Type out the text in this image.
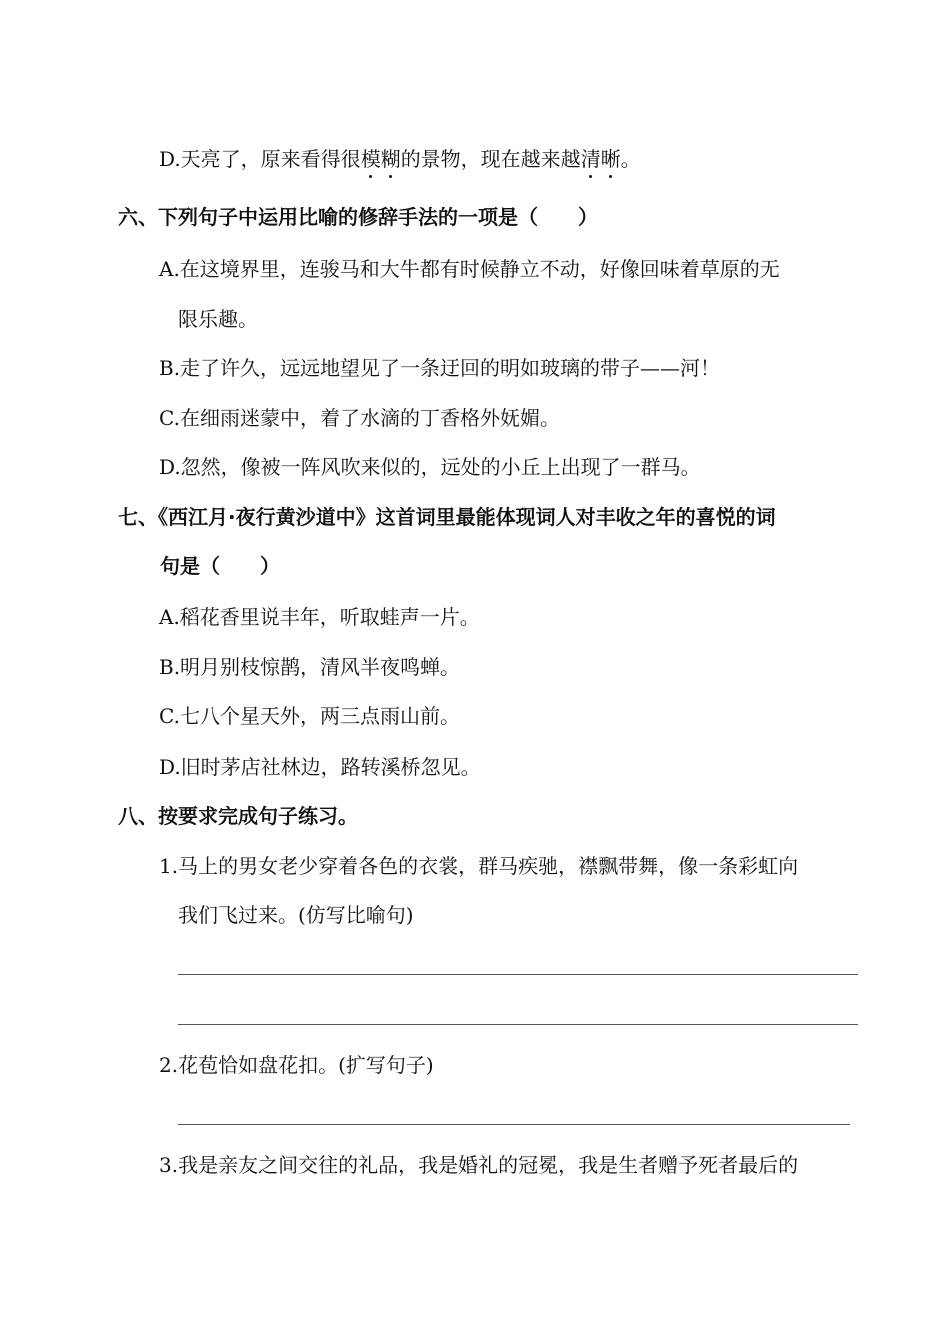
D.天亮了，原来看得很模糊的景物，现在越来越清晰。
六、下列句子中运用比喻的修辞手法的一项是（　　）
A.在这境界里，连骏马和大牛都有时候静立不动，好像回味着草原的无
限乐趣。
B.走了许久，远远地望见了一条迂回的明如玻璃的带子——河！
C.在细雨迷蒙中，着了水滴的丁香格外妩媚。
D.忽然，像被一阵风吹来似的，远处的小丘上出现了一群马。
七、《西江月·夜行黄沙道中》这首词里最能体现词人对丰收之年的喜悦的词
句是（　　）
A.稻花香里说丰年，听取蛙声一片。
B.明月别枝惊鹊，清风半夜鸣蝉。
C.七八个星天外，两三点雨山前。
D.旧时茅店社林边，路转溪桥忽见。
八、按要求完成句子练习。
1.马上的男女老少穿着各色的衣裳，群马疾驰，襟飘带舞，像一条彩虹向
我们飞过来。(仿写比喻句)
2.花苞恰如盘花扣。(扩写句子)
3.我是亲友之间交往的礼品，我是婚礼的冠冕，我是生者赠予死者最后的
